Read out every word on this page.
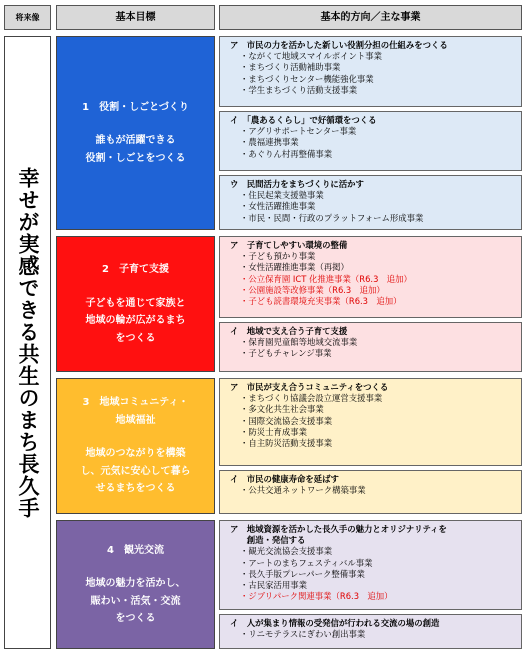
将来像	基本目標	基本的方向／主な事業
幸せが実感できる共生のまち長久手
1　役割・しごとづくり
誰もが活躍できる
役割・しごとをつくる
ア　市民の力を活かした新しい役割分担の仕組みをつくる
・ ながくて地域スマイルポイント事業
・ まちづくり活動補助事業
・ まちづくりセンター機能強化事業
・ 学生まちづくり活動支援事業
イ　「農あるくらし」で好循環をつくる
・ アグリサポートセンター事業
・ 農福連携事業
・ あぐりん村再整備事業
ウ　民間活力をまちづくりに活かす
・ 住民起業支援塾事業
・ 女性活躍推進事業
・ 市民・民間・行政のプラットフォーム形成事業
2　子育て支援
子どもを通じて家族と
地域の輪が広がるまち
をつくる
ア　子育てしやすい環境の整備
・ 子ども預かり事業
・ 女性活躍推進事業（再掲）
・ 公立保育園 ICT 化推進事業（R6.3　追加）
・ 公園施設等改修事業（R6.3　追加）
・ 子ども読書環境充実事業（R6.3　追加）
イ　地域で支え合う子育て支援
・ 保育園児童館等地域交流事業
・ 子どもチャレンジ事業
3　地域コミュニティ・
地域福祉
地域のつながりを構築
し、元気に安心して暮ら
せるまちをつくる
ア　市民が支え合うコミュニティをつくる
・ まちづくり協議会設立運営支援事業
・ 多文化共生社会事業
・ 国際交流協会支援事業
・ 防災士育成事業
・ 自主防災活動支援事業
イ　市民の健康寿命を延ばす
・ 公共交通ネットワーク構築事業
4　観光交流
地域の魅力を活かし、
賑わい・活気・交流
をつくる
ア　地域資源を活かした長久手の魅力とオリジナリティを
　　創造・発信する
・ 観光交流協会支援事業
・ アートのまちフェスティバル事業
・ 長久手版プレーパーク整備事業
・ 古民家活用事業
・ ジブリパーク関連事業（R6.3　追加）
イ　人が集まり情報の受発信が行われる交流の場の創造
・ リニモテラスにぎわい創出事業
